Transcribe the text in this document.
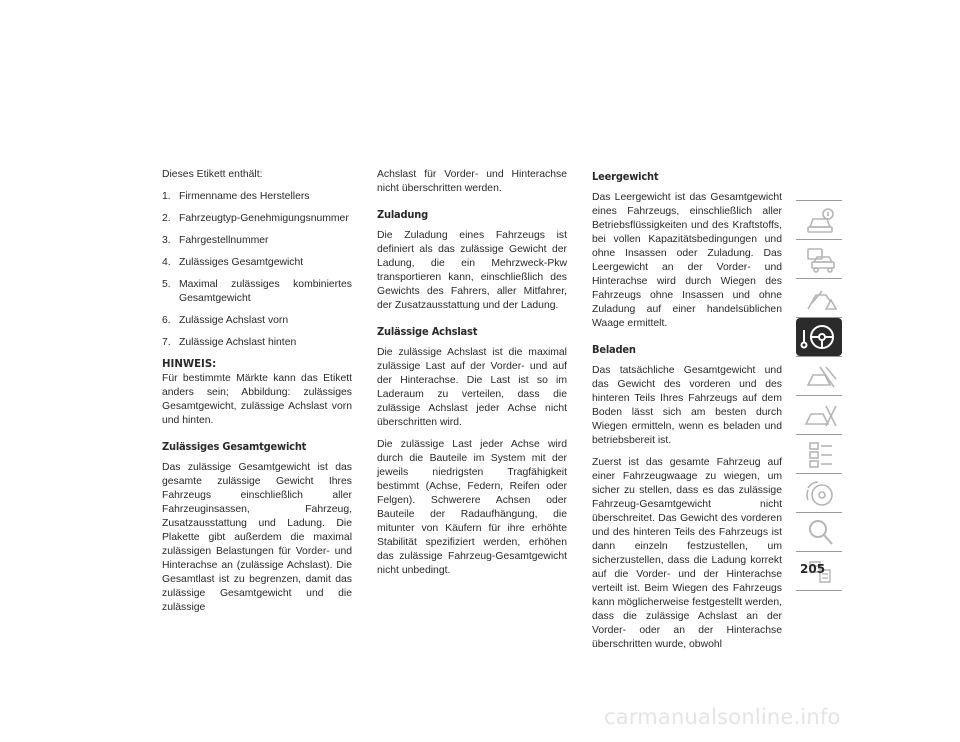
Dieses Etikett enthält:

1. Firmenname des Herstellers
2. Fahrzeugtyp-Genehmigungsnummer
3. Fahrgestellnummer
4. Zulässiges Gesamtgewicht
5. Maximal zulässiges kombiniertes Gesamtgewicht
6. Zulässige Achslast vorn
7. Zulässige Achslast hinten

HINWEIS:
Für bestimmte Märkte kann das Etikett anders sein; Abbildung: zulässiges Gesamtgewicht, zulässige Achslast vorn und hinten.

Zulässiges Gesamtgewicht

Das zulässige Gesamtgewicht ist das gesamte zulässige Gewicht Ihres Fahrzeugs einschließlich aller Fahrzeuginsassen, Fahrzeug, Zusatzausstattung und Ladung. Die Plakette gibt außerdem die maximal zulässigen Belastungen für Vorder- und Hinterachse an (zulässige Achslast). Die Gesamtlast ist zu begrenzen, damit das zulässige Gesamtgewicht und die zulässige

Achslast für Vorder- und Hinterachse nicht überschritten werden.

Zuladung

Die Zuladung eines Fahrzeugs ist definiert als das zulässige Gewicht der Ladung, die ein Mehrzweck-Pkw transportieren kann, einschließlich des Gewichts des Fahrers, aller Mitfahrer, der Zusatzausstattung und der Ladung.

Zulässige Achslast

Die zulässige Achslast ist die maximal zulässige Last auf der Vorder- und auf der Hinterachse. Die Last ist so im Laderaum zu verteilen, dass die zulässige Achslast jeder Achse nicht überschritten wird.

Die zulässige Last jeder Achse wird durch die Bauteile im System mit der jeweils niedrigsten Tragfähigkeit bestimmt (Achse, Federn, Reifen oder Felgen). Schwerere Achsen oder Bauteile der Radaufhängung, die mitunter von Käufern für ihre erhöhte Stabilität spezifiziert werden, erhöhen das zulässige Fahrzeug-Gesamtgewicht nicht unbedingt.

Leergewicht

Das Leergewicht ist das Gesamtgewicht eines Fahrzeugs, einschließlich aller Betriebsflüssigkeiten und des Kraftstoffs, bei vollen Kapazitätsbedingungen und ohne Insassen oder Zuladung. Das Leergewicht an der Vorder- und Hinterachse wird durch Wiegen des Fahrzeugs ohne Insassen und ohne Zuladung auf einer handelsüblichen Waage ermittelt.

Beladen

Das tatsächliche Gesamtgewicht und das Gewicht des vorderen und des hinteren Teils Ihres Fahrzeugs auf dem Boden lässt sich am besten durch Wiegen ermitteln, wenn es beladen und betriebsbereit ist.

Zuerst ist das gesamte Fahrzeug auf einer Fahrzeugwaage zu wiegen, um sicher zu stellen, dass es das zulässige Fahrzeug-Gesamtgewicht nicht überschreitet. Das Gewicht des vorderen und des hinteren Teils des Fahrzeugs ist dann einzeln festzustellen, um sicherzustellen, dass die Ladung korrekt auf die Vorder- und der Hinterachse verteilt ist. Beim Wiegen des Fahrzeugs kann möglicherweise festgestellt werden, dass die zulässige Achslast an der Vorder- oder an der Hinterachse überschritten wurde, obwohl

205
carmanualsonline.info
